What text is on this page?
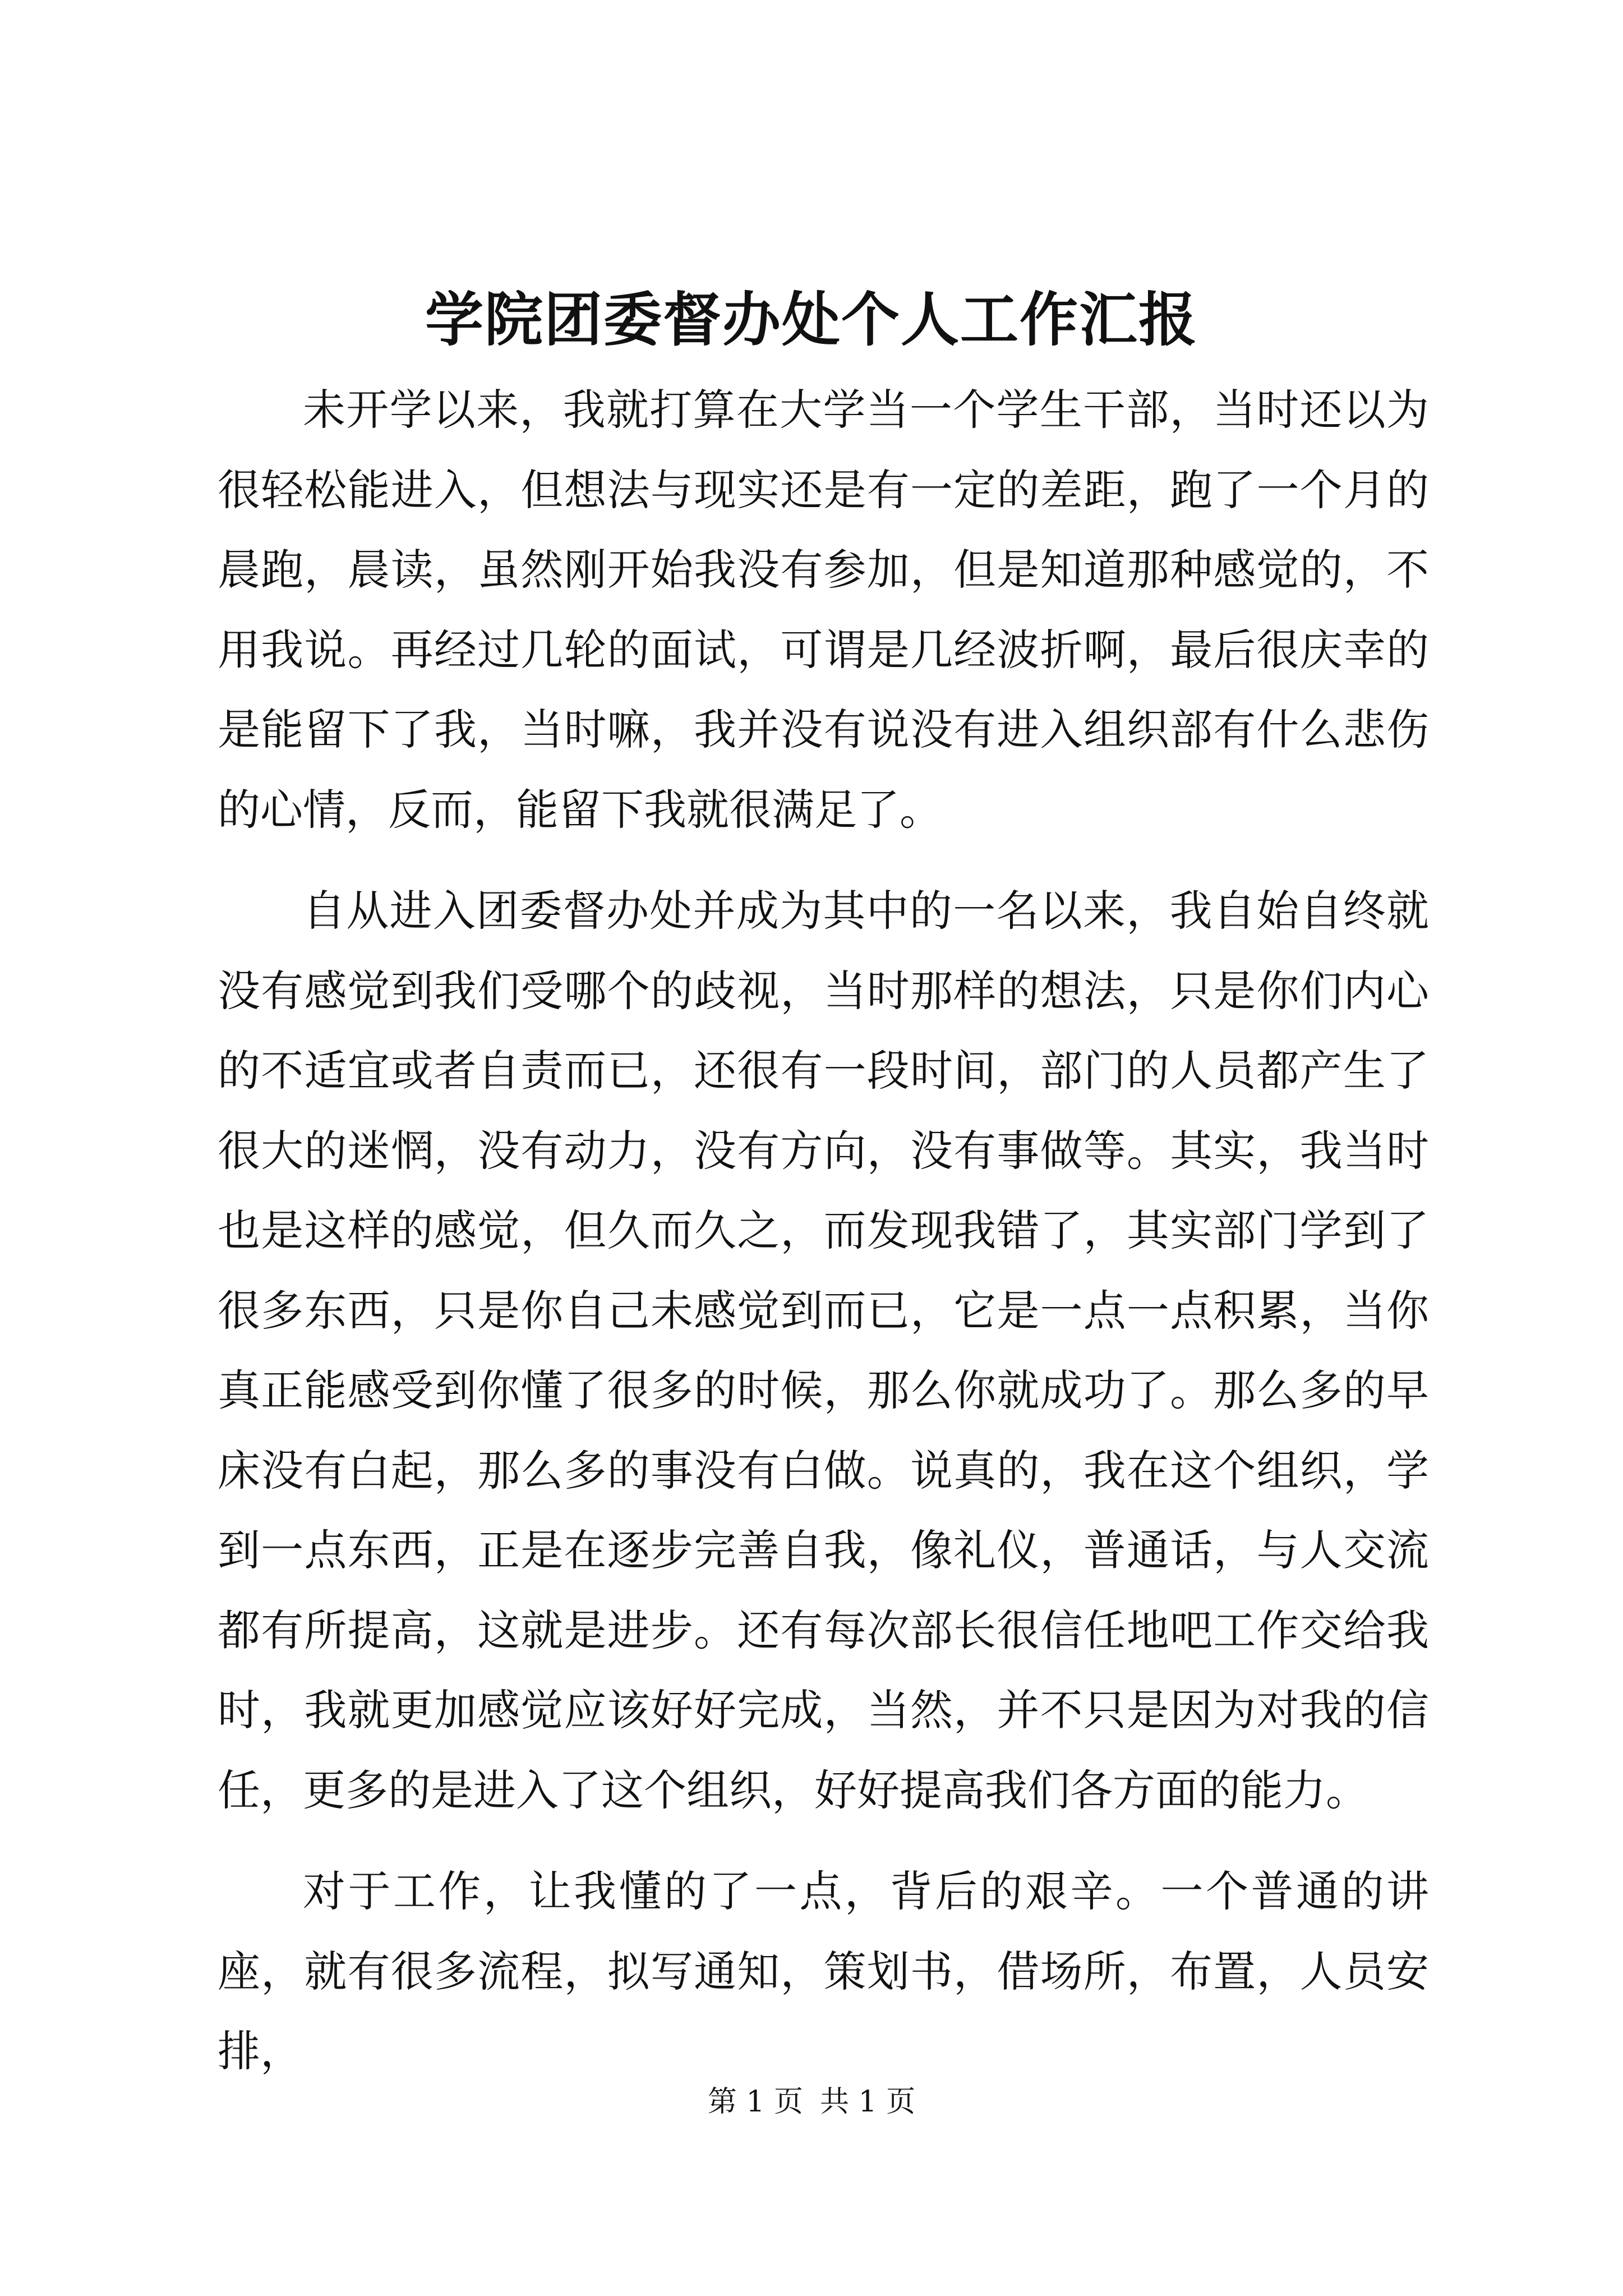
学院团委督办处个人工作汇报

未开学以来，我就打算在大学当一个学生干部，当时还以为很轻松能进入，但想法与现实还是有一定的差距，跑了一个月的晨跑，晨读，虽然刚开始我没有参加，但是知道那种感觉的，不用我说。再经过几轮的面试，可谓是几经波折啊，最后很庆幸的是能留下了我，当时嘛，我并没有说没有进入组织部有什么悲伤的心情，反而，能留下我就很满足了。

自从进入团委督办处并成为其中的一名以来，我自始自终就没有感觉到我们受哪个的歧视，当时那样的想法，只是你们内心的不适宜或者自责而已，还很有一段时间，部门的人员都产生了很大的迷惘，没有动力，没有方向，没有事做等。其实，我当时也是这样的感觉，但久而久之，而发现我错了，其实部门学到了很多东西，只是你自己未感觉到而已，它是一点一点积累，当你真正能感受到你懂了很多的时候，那么你就成功了。那么多的早床没有白起，那么多的事没有白做。说真的，我在这个组织，学到一点东西，正是在逐步完善自我，像礼仪，普通话，与人交流都有所提高，这就是进步。还有每次部长很信任地吧工作交给我时，我就更加感觉应该好好完成，当然，并不只是因为对我的信任，更多的是进入了这个组织，好好提高我们各方面的能力。

对于工作，让我懂的了一点，背后的艰辛。一个普通的讲座，就有很多流程，拟写通知，策划书，借场所，布置，人员安排，

第 1 页 共 1 页
